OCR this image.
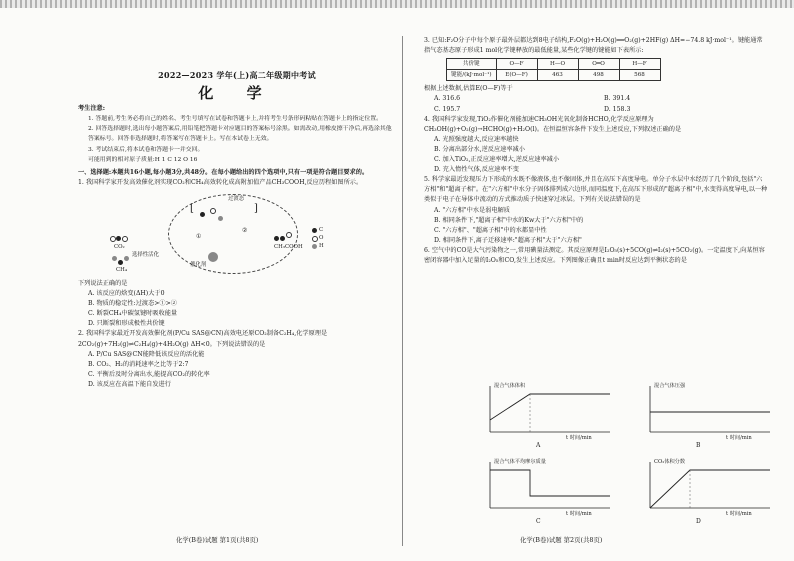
2022—2023 学年(上)高二年级期中考试
化 学

考生注意:

1. 答题前,考生务必将自己的姓名、考生号填写在试卷和答题卡上,并将考生号条形码粘贴在答题卡上的指定位置。

2. 回答选择题时,选出每小题答案后,用铅笔把答题卡对应题目的答案标号涂黑。如需改动,用橡皮擦干净后,再选涂其他答案标号。回答非选择题时,将答案写在答题卡上。写在本试卷上无效。

3. 考试结束后,将本试卷和答题卡一并交回。

可能用到的相对原子质量:H 1 C 12 O 16

一、选择题:本题共16小题,每小题3分,共48分。在每小题给出的四个选项中,只有一项是符合题目要求的。

1. 我国科学家开发高效催化剂实现CO₂和CH₄高效转化成高附加值产品CH₃COOH,反应历程如图所示。

CO₂
CH₄
选择性活化
过渡态
[	]
①
②
催化剂
CH₃COOH
C
O
H

下列说法正确的是

A. 该反应的焓变(ΔH)大于0

B. 物质的稳定性:过渡态>①>②

C. 断裂CH₄中碳氢键时吸收能量

D. 只断裂和形成极性共价键

2. 我国科学家最近开发高效催化剂(P/Cu SAS@CN)高效电还原CO₂制备C₂H₄,化学原理是2CO₂(g)+7H₂(g)⇌C₂H₄(g)+4H₂O(g) ΔH<0。下列说法错误的是

A. P/Cu SAS@CN能降低该反应的活化能

B. CO₂、H₂的消耗速率之比等于2:7

C. 平衡后及时分离出水,能提高CO₂的转化率

D. 该反应在高温下能自发进行

化学(B卷)试题 第1页(共8页)

3. 已知:F₂O分子中每个原子最外层都达到8电子结构,F₂O(g)+H₂O(g)══O₂(g)+2HF(g) ΔH=−74.8 kJ·mol⁻¹。键能通常指气态基态原子形成1 mol化学键释放的最低能量,某些化学键的键能如下表所示:

共价键	O—F	H—O	O═O	H—F
键能/(kJ·mol⁻¹)	E(O—F)	463	498	568

根据上述数据,估算E(O—F)等于

A. 316.6	B. 391.4

C. 195.7	D. 158.3

4. 我国科学家发现,TiO₂作催化剂能加速CH₃OH光氧化制备HCHO,化学反应原理为CH₃OH(g)+O₂(g)→HCHO(g)+H₂O(l)。在恒温恒容条件下发生上述反应,下列叙述正确的是

A. 光照强度越大,反应速率越快

B. 分离出部分水,逆反应速率减小

C. 加入TiO₂,正反应速率增大,逆反应速率减小

D. 充入惰性气体,反应速率不变

5. 科学家最近发现压力下形成的水既不像液体,也不像固体,并且在高压下高度导电。单分子水层中水经历了几个阶段,包括"六方相"和"超离子相"。在"六方相"中水分子固体排列成六边形,而同温度下,在高压下形成的"超离子相"中,水变得高度导电,以一种类似于电子在导体中流动的方式推动质子快速穿过冰层。下列有关说法错误的是

A. "六方相"中水是弱电解质

B. 相同条件下,"超离子相"中水的Kw大于"六方相"中的

C. "六方相"、"超离子相"中的水都显中性

D. 相同条件下,离子迁移速率:"超离子相"大于"六方相"

6. 空气中的CO是大气污染物之一,常用碘量法测定。其反应原理是I₂O₅(s)+5CO(g)⇌I₂(s)+5CO₂(g)。一定温度下,向某恒容密闭容器中加入足量的I₂O₅和CO,发生上述反应。下列图像正确且t min时反应达到平衡状态的是

混合气体体积
t 时间/min
A
混合气体压强
t 时间/min
B
混合气体平均摩尔质量
t 时间/min
C
CO₂体积分数
t 时间/min
D
化学(B卷)试题 第2页(共8页)
